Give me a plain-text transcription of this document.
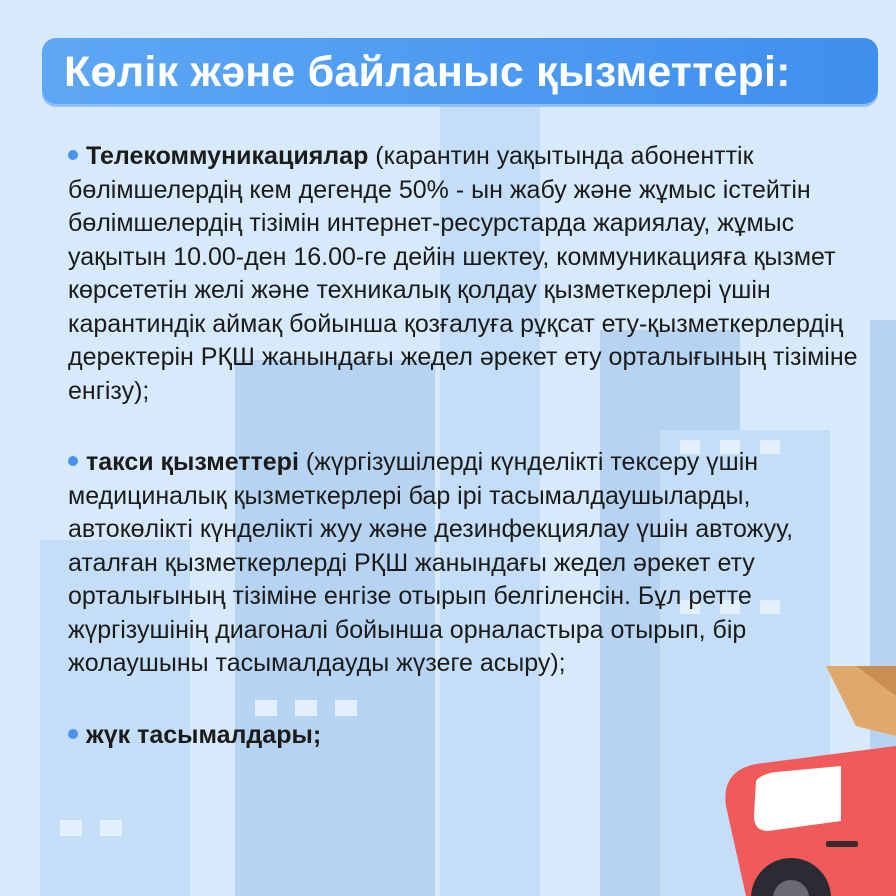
Көлік және байланыс қызметтері:

Телекоммуникациялар (карантин уақытында абоненттік бөлімшелердің кем дегенде 50% - ын жабу және жұмыс істейтін бөлімшелердің тізімін интернет-ресурстарда жариялау, жұмыс уақытын 10.00-ден 16.00-ге дейін шектеу, коммуникацияға қызмет көрсететін желі және техникалық қолдау қызметкерлері үшін карантиндік аймақ бойынша қозғалуға рұқсат ету-қызметкерлердің деректерін РҚШ жанындағы жедел әрекет ету орталығының тізіміне енгізу);

такси қызметтері (жүргізушілерді күнделікті тексеру үшін медициналық қызметкерлері бар ірі тасымалдаушыларды, автокөлікті күнделікті жуу және дезинфекциялау үшін автожуу, аталған қызметкерлерді РҚШ жанындағы жедел әрекет ету орталығының тізіміне енгізе отырып белгіленсін. Бұл ретте жүргізушінің диагоналі бойынша орналастыра отырып, бір жолаушыны тасымалдауды жүзеге асыру);

жүк тасымалдары;
